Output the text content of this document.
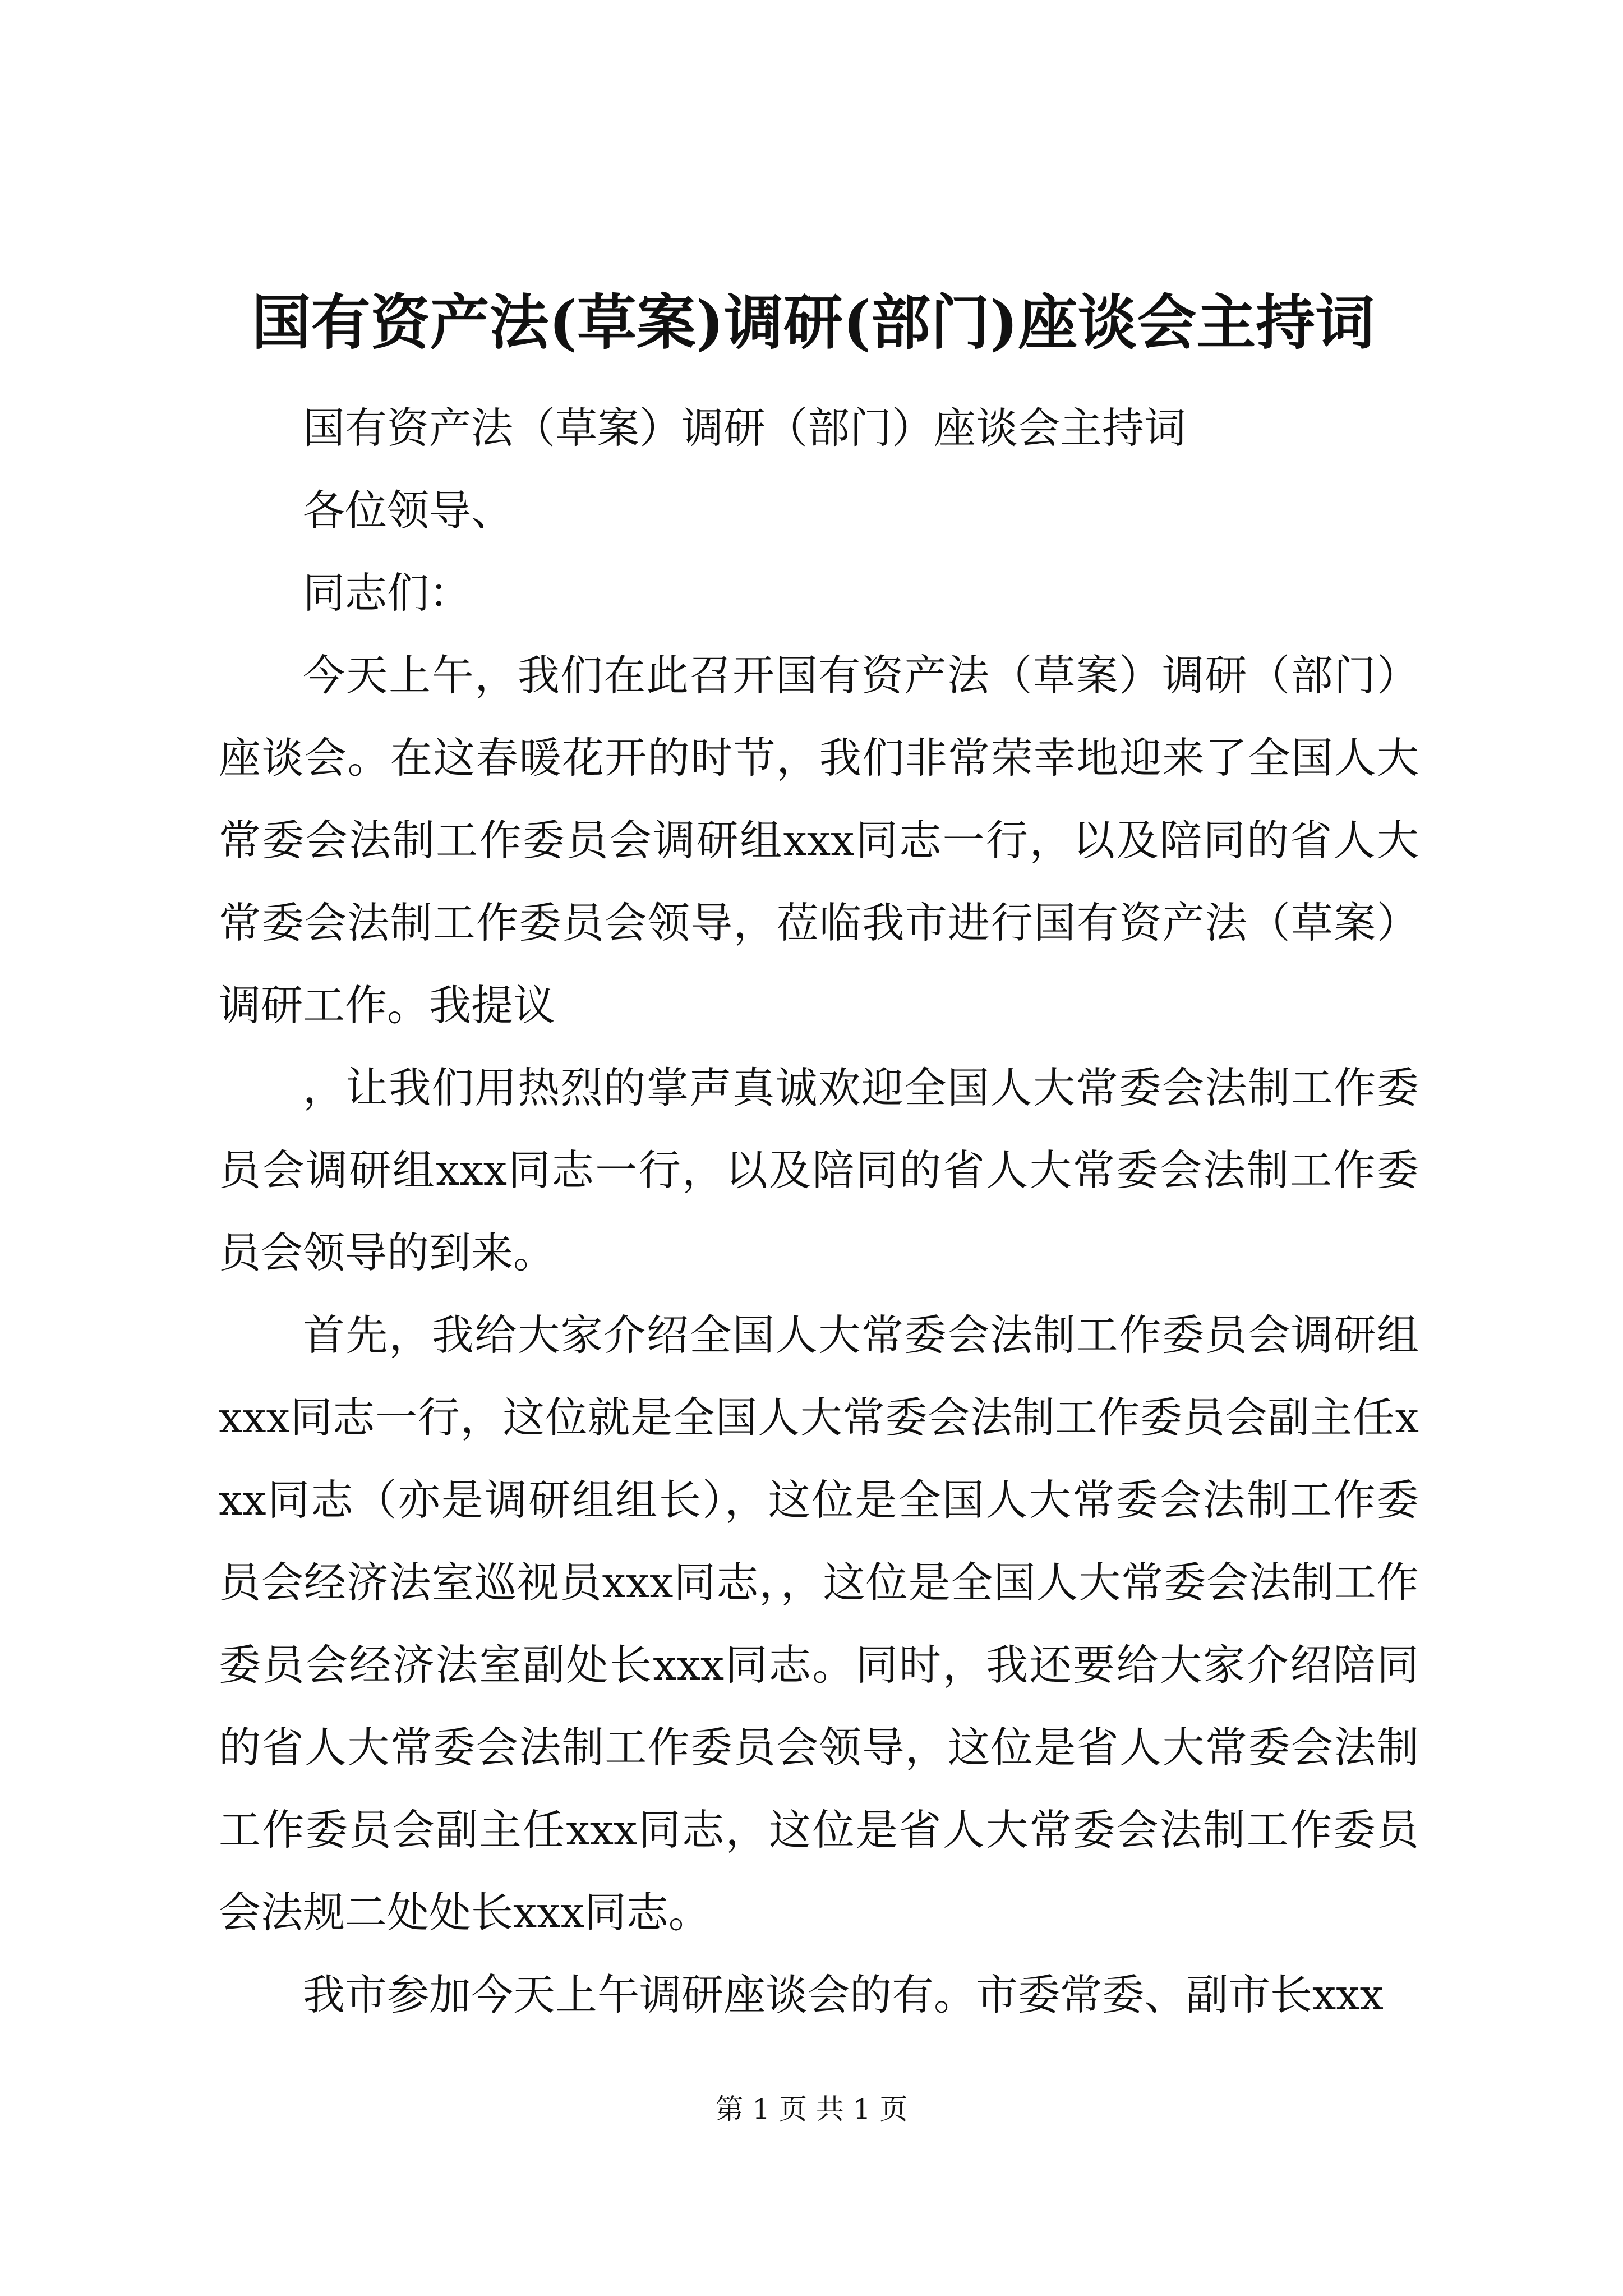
国有资产法(草案)调研(部门)座谈会主持词

国有资产法（草案）调研（部门）座谈会主持词

各位领导、

同志们：

今天上午，我们在此召开国有资产法（草案）调研（部门）座谈会。在这春暖花开的时节，我们非常荣幸地迎来了全国人大常委会法制工作委员会调研组xxx同志一行，以及陪同的省人大常委会法制工作委员会领导，莅临我市进行国有资产法（草案）调研工作。我提议

，让我们用热烈的掌声真诚欢迎全国人大常委会法制工作委员会调研组xxx同志一行，以及陪同的省人大常委会法制工作委员会领导的到来。

首先，我给大家介绍全国人大常委会法制工作委员会调研组xxx同志一行，这位就是全国人大常委会法制工作委员会副主任xxx同志（亦是调研组组长），这位是全国人大常委会法制工作委员会经济法室巡视员xxx同志，，这位是全国人大常委会法制工作委员会经济法室副处长xxx同志。同时，我还要给大家介绍陪同的省人大常委会法制工作委员会领导，这位是省人大常委会法制工作委员会副主任xxx同志，这位是省人大常委会法制工作委员会法规二处处长xxx同志。

我市参加今天上午调研座谈会的有。市委常委、副市长xxx

第 1 页 共 1 页
